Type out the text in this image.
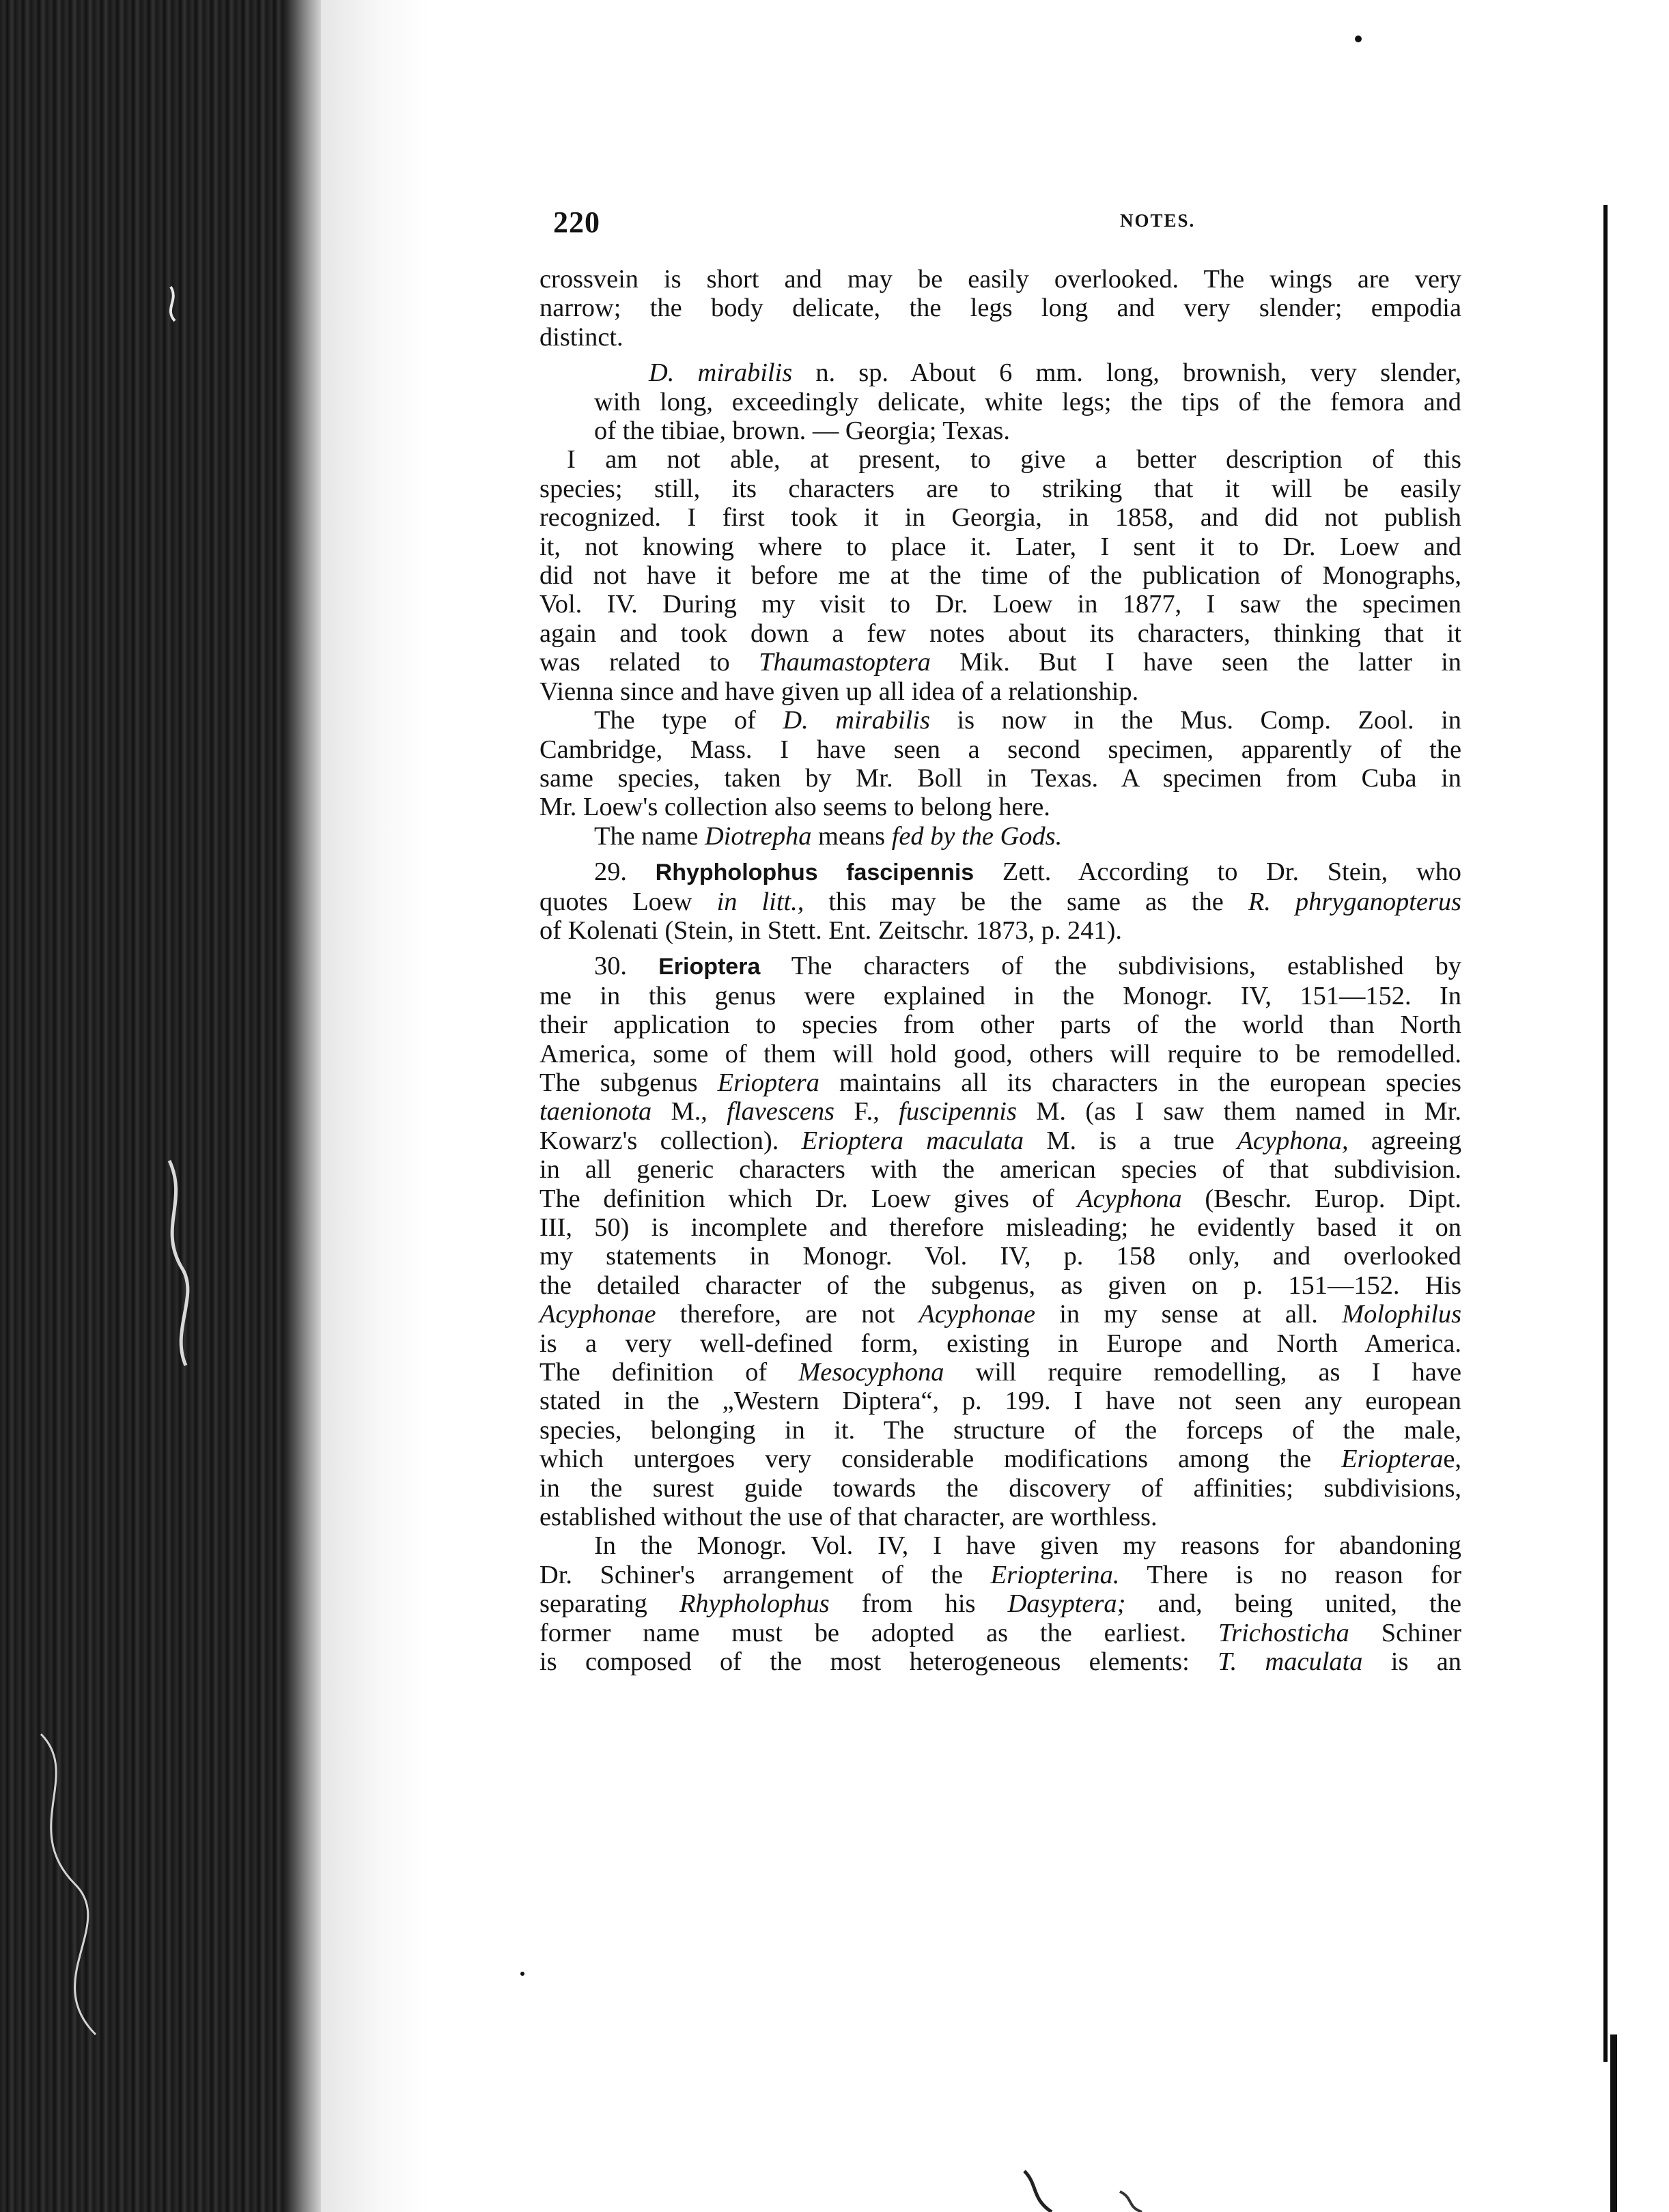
220	NOTES.

crossvein is short and may be easily overlooked. The wings are very
narrow; the body delicate, the legs long and very slender; empodia
distinct.

D. mirabilis n. sp. About 6 mm. long, brownish, very slender,
with long, exceedingly delicate, white legs; the tips of the femora and
of the tibiae, brown. — Georgia; Texas.

I am not able, at present, to give a better description of this
species; still, its characters are to striking that it will be easily
recognized. I first took it in Georgia, in 1858, and did not publish
it, not knowing where to place it. Later, I sent it to Dr. Loew and
did not have it before me at the time of the publication of Monographs,
Vol. IV. During my visit to Dr. Loew in 1877, I saw the specimen
again and took down a few notes about its characters, thinking that it
was related to Thaumastoptera Mik. But I have seen the latter in
Vienna since and have given up all idea of a relationship.

The type of D. mirabilis is now in the Mus. Comp. Zool. in
Cambridge, Mass. I have seen a second specimen, apparently of the
same species, taken by Mr. Boll in Texas. A specimen from Cuba in
Mr. Loew's collection also seems to belong here.

The name Diotrepha means fed by the Gods.

29. Rhypholophus fascipennis Zett. According to Dr. Stein, who
quotes Loew in litt., this may be the same as the R. phryganopterus
of Kolenati (Stein, in Stett. Ent. Zeitschr. 1873, p. 241).

30. Erioptera The characters of the subdivisions, established by
me in this genus were explained in the Monogr. IV, 151—152. In
their application to species from other parts of the world than North
America, some of them will hold good, others will require to be remodelled.
The subgenus Erioptera maintains all its characters in the european species
taenionota M., flavescens F., fuscipennis M. (as I saw them named in Mr.
Kowarz's collection). Erioptera maculata M. is a true Acyphona, agreeing
in all generic characters with the american species of that subdivision.
The definition which Dr. Loew gives of Acyphona (Beschr. Europ. Dipt.
III, 50) is incomplete and therefore misleading; he evidently based it on
my statements in Monogr. Vol. IV, p. 158 only, and overlooked
the detailed character of the subgenus, as given on p. 151—152. His
Acyphonae therefore, are not Acyphonae in my sense at all. Molophilus
is a very well-defined form, existing in Europe and North America.
The definition of Mesocyphona will require remodelling, as I have
stated in the „Western Diptera“, p. 199. I have not seen any european
species, belonging in it. The structure of the forceps of the male,
which untergoes very considerable modifications among the Eriopterae,
in the surest guide towards the discovery of affinities; subdivisions,
established without the use of that character, are worthless.

In the Monogr. Vol. IV, I have given my reasons for abandoning
Dr. Schiner's arrangement of the Eriopterina. There is no reason for
separating Rhypholophus from his Dasyptera; and, being united, the
former name must be adopted as the earliest. Trichosticha Schiner
is composed of the most heterogeneous elements: T. maculata is an
